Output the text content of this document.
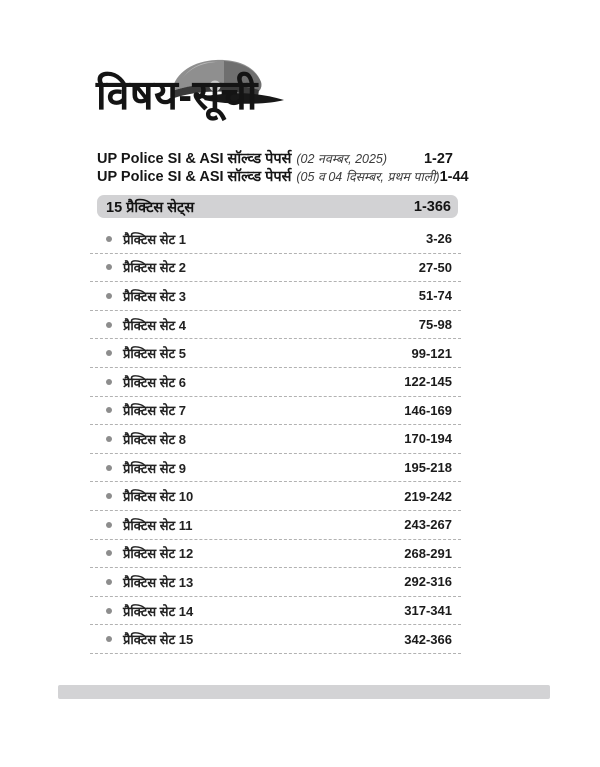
विषय-सूची
UP Police SI & ASI सॉल्व्ड पेपर्स (02 नवम्बर, 2025)	1-27
UP Police SI & ASI सॉल्व्ड पेपर्स (05 व 04 दिसम्बर, प्रथम पाली) 1-44
15 प्रैक्टिस सेट्स	1-366
प्रैक्टिस सेट 1	3-26
प्रैक्टिस सेट 2	27-50
प्रैक्टिस सेट 3	51-74
प्रैक्टिस सेट 4	75-98
प्रैक्टिस सेट 5	99-121
प्रैक्टिस सेट 6	122-145
प्रैक्टिस सेट 7	146-169
प्रैक्टिस सेट 8	170-194
प्रैक्टिस सेट 9	195-218
प्रैक्टिस सेट 10	219-242
प्रैक्टिस सेट 11	243-267
प्रैक्टिस सेट 12	268-291
प्रैक्टिस सेट 13	292-316
प्रैक्टिस सेट 14	317-341
प्रैक्टिस सेट 15	342-366
